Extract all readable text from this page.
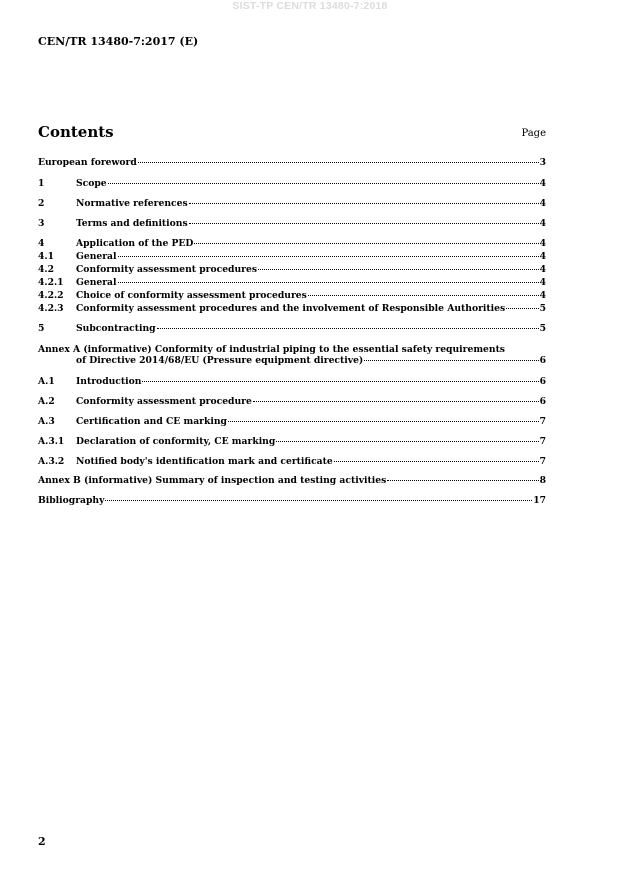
SIST-TP CEN/TR 13480-7:2018
CEN/TR 13480-7:2017 (E)
Contents	Page
European foreword	3
1	Scope	4
2	Normative references	4
3	Terms and definitions	4
4	Application of the PED	4
4.1	General	4
4.2	Conformity assessment procedures	4
4.2.1	General	4
4.2.2	Choice of conformity assessment procedures	4
4.2.3	Conformity assessment procedures and the involvement of Responsible Authorities	5
5	Subcontracting	5
Annex A (informative) Conformity of industrial piping to the essential safety requirements
of Directive 2014/68/EU (Pressure equipment directive)	6
A.1	Introduction	6
A.2	Conformity assessment procedure	6
A.3	Certification and CE marking	7
A.3.1	Declaration of conformity, CE marking	7
A.3.2	Notified body's identification mark and certificate	7
Annex B (informative) Summary of inspection and testing activities	8
Bibliography	17
2
